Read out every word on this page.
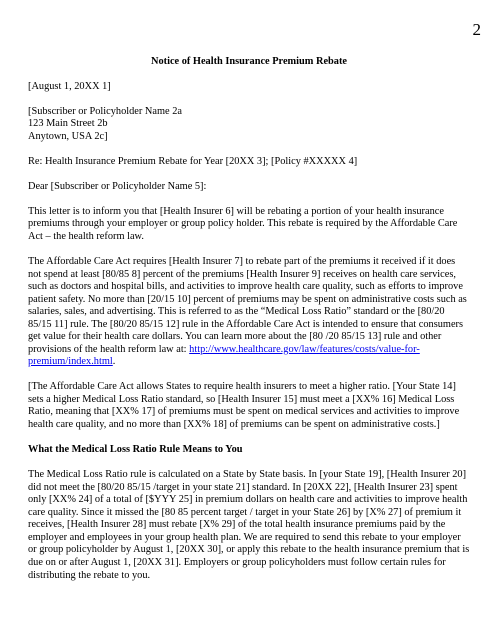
2
Notice of Health Insurance Premium Rebate

[August 1, 20XX 1]

[Subscriber or Policyholder Name 2a
123 Main Street 2b
Anytown, USA 2c]

Re: Health Insurance Premium Rebate for Year [20XX 3]; [Policy #XXXXX 4]

Dear [Subscriber or Policyholder Name 5]:

This letter is to inform you that [Health Insurer 6] will be rebating a portion of your health insurance premiums through your employer or group policy holder. This rebate is required by the Affordable Care Act – the health reform law.

The Affordable Care Act requires [Health Insurer 7] to rebate part of the premiums it received if it does not spend at least [80/85 8] percent of the premiums [Health Insurer 9] receives on health care services, such as doctors and hospital bills, and activities to improve health care quality, such as efforts to improve patient safety. No more than [20/15 10] percent of premiums may be spent on administrative costs such as salaries, sales, and advertising. This is referred to as the “Medical Loss Ratio” standard or the [80/20 85/15 11] rule. The [80/20 85/15 12] rule in the Affordable Care Act is intended to ensure that consumers get value for their health care dollars. You can learn more about the [80 /20 85/15 13] rule and other provisions of the health reform law at: http://www.healthcare.gov/law/features/costs/value-for-premium/index.html.

[The Affordable Care Act allows States to require health insurers to meet a higher ratio. [Your State 14] sets a higher Medical Loss Ratio standard, so [Health Insurer 15] must meet a [XX% 16] Medical Loss Ratio, meaning that [XX% 17] of premiums must be spent on medical services and activities to improve health care quality, and no more than [XX% 18] of premiums can be spent on administrative costs.]

What the Medical Loss Ratio Rule Means to You

The Medical Loss Ratio rule is calculated on a State by State basis. In [your State 19], [Health Insurer 20] did not meet the [80/20 85/15 /target in your state 21] standard. In [20XX 22], [Health Insurer 23] spent only [XX% 24] of a total of [$YYY 25] in premium dollars on health care and activities to improve health care quality. Since it missed the [80 85 percent target / target in your State 26] by [X% 27] of premium it receives, [Health Insurer 28] must rebate [X% 29] of the total health insurance premiums paid by the employer and employees in your group health plan. We are required to send this rebate to your employer or group policyholder by August 1, [20XX 30], or apply this rebate to the health insurance premium that is due on or after August 1, [20XX 31]. Employers or group policyholders must follow certain rules for distributing the rebate to you.
